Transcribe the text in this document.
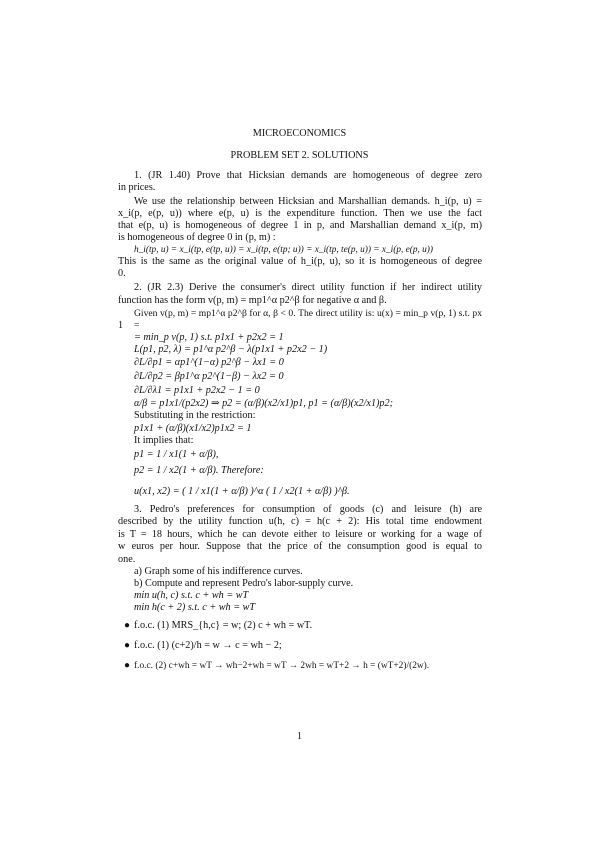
MICROECONOMICS
PROBLEM SET 2. SOLUTIONS
1. (JR 1.40) Prove that Hicksian demands are homogeneous of degree zero
in prices.
We use the relationship between Hicksian and Marshallian demands. h_i(p, u) =
x_i(p, e(p, u)) where e(p, u) is the expenditure function. Then we use the fact
that e(p, u) is homogeneous of degree 1 in p, and Marshallian demand x_i(p, m)
is homogeneous of degree 0 in (p, m) :
h_i(tp, u) = x_i(tp, e(tp, u)) = x_i(tp, e(tp; u)) = x_i(tp, te(p, u)) = x_i(p, e(p, u))
This is the same as the original value of h_i(p, u), so it is homogeneous of degree
0.
2. (JR 2.3) Derive the consumer's direct utility function if her indirect utility
function has the form v(p, m) = mp1^α p2^β for negative α and β.
Given v(p, m) = mp1^α p2^β for α, β < 0. The direct utility is: u(x) = min_p v(p, 1) s.t. px =
1
= min_p v(p, 1) s.t. p1x1 + p2x2 = 1
L(p1, p2, λ) = p1^α p2^β − λ(p1x1 + p2x2 − 1)
∂L/∂p1 = αp1^(1−α) p2^β − λx1 = 0
∂L/∂p2 = βp1^α p2^(1−β) − λx2 = 0
∂L/∂λ1 = p1x1 + p2x2 − 1 = 0
α/β = p1x1/(p2x2) ⇒ p2 = (α/β)(x2/x1)p1, p1 = (α/β)(x2/x1)p2;
Substituting in the restriction:
p1x1 + (α/β)(x1/x2)p1x2 = 1
It implies that:
p1 = 1 / x1(1 + α/β),
p2 = 1 / x2(1 + α/β). Therefore:
u(x1, x2) = ( 1 / x1(1 + α/β) )^α ( 1 / x2(1 + α/β) )^β.
3. Pedro's preferences for consumption of goods (c) and leisure (h) are
described by the utility function u(h, c) = h(c + 2): His total time endowment
is T = 18 hours, which he can devote either to leisure or working for a wage of
w euros per hour. Suppose that the price of the consumption good is equal to
one.
a) Graph some of his indifference curves.
b) Compute and represent Pedro's labor-supply curve.
min u(h, c) s.t. c + wh = wT
min h(c + 2) s.t. c + wh = wT
● f.o.c. (1) MRS_{h,c} = w; (2) c + wh = wT.
● f.o.c. (1) (c+2)/h = w → c = wh − 2;
● f.o.c. (2) c+wh = wT → wh−2+wh = wT → 2wh = wT+2 → h = (wT+2)/(2w).
1
